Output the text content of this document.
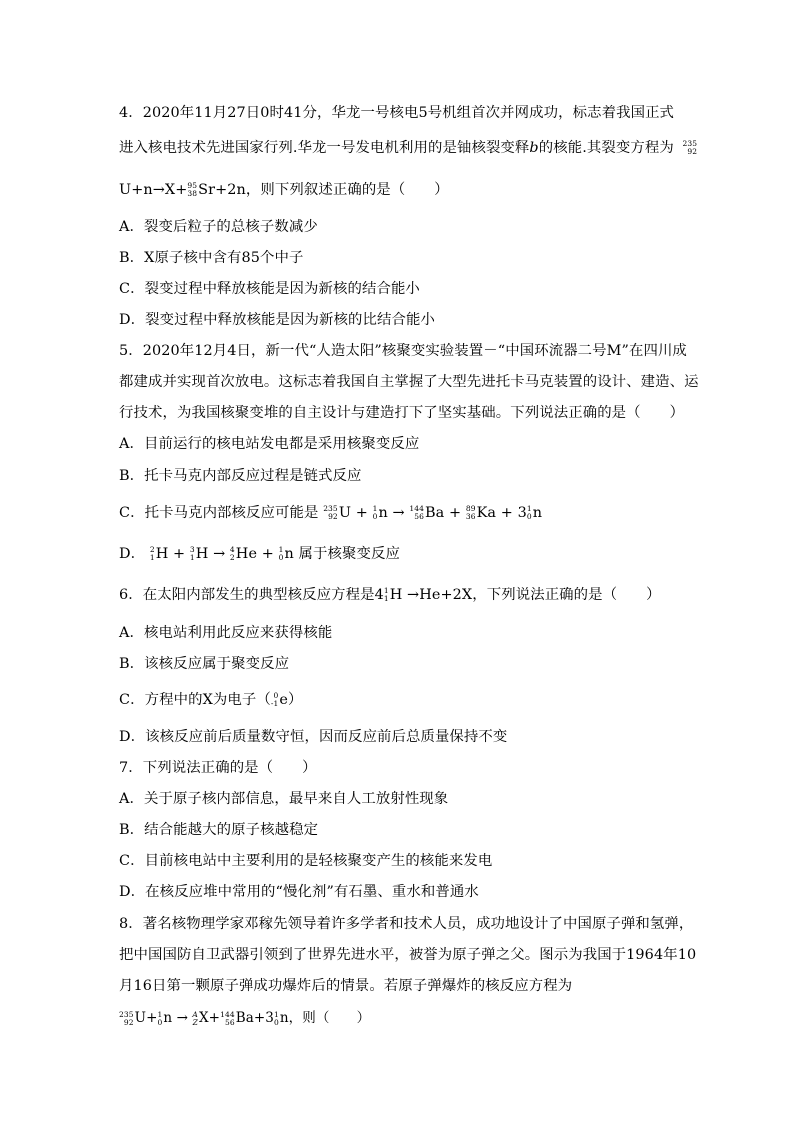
4．2020年11月27日0时41分，华龙一号核电5号机组首次并网成功，标志着我国正式
进入核电技术先进国家行列.华龙一号发电机利用的是铀核裂变释b的核能.其裂变方程为 235
92
U+n→X+ 95
38 Sr+2n，则下列叙述正确的是（　　）
A．裂变后粒子的总核子数减少
B．X原子核中含有85个中子
C．裂变过程中释放核能是因为新核的结合能小
D．裂变过程中释放核能是因为新核的比结合能小
5．2020年12月4日，新一代“人造太阳”核聚变实验装置－“中国环流器二号M”在四川成
都建成并实现首次放电。这标志着我国自主掌握了大型先进托卡马克装置的设计、建造、运
行技术，为我国核聚变堆的自主设计与建造打下了坚实基础。下列说法正确的是（　　）
A．目前运行的核电站发电都是采用核聚变反应
B．托卡马克内部反应过程是链式反应
C．托卡马克内部核反应可能是 235
92 U + 1
0 n → 144
56 Ba + 89
36 Ka + 3 1
0 n
D． 2
1 H + 3
1 H → 4
2 He + 1
0 n 属于核聚变反应
6．在太阳内部发生的典型核反应方程是4 1
1 H →He+2X，下列说法正确的是（　　）
A．核电站利用此反应来获得核能
B．该核反应属于聚变反应
C．方程中的X为电子（ 0
-1 e）
D．该核反应前后质量数守恒，因而反应前后总质量保持不变
7．下列说法正确的是（　　）
A．关于原子核内部信息，最早来自人工放射性现象
B．结合能越大的原子核越稳定
C．目前核电站中主要利用的是轻核聚变产生的核能来发电
D．在核反应堆中常用的“慢化剂”有石墨、重水和普通水
8．著名核物理学家邓稼先领导着许多学者和技术人员，成功地设计了中国原子弹和氢弹，
把中国国防自卫武器引领到了世界先进水平，被誉为原子弹之父。图示为我国于1964年10
月16日第一颗原子弹成功爆炸后的情景。若原子弹爆炸的核反应方程为
235
92 U+ 1
0 n → A
Z X+ 144
56 Ba+3 1
0 n，则（　　）
